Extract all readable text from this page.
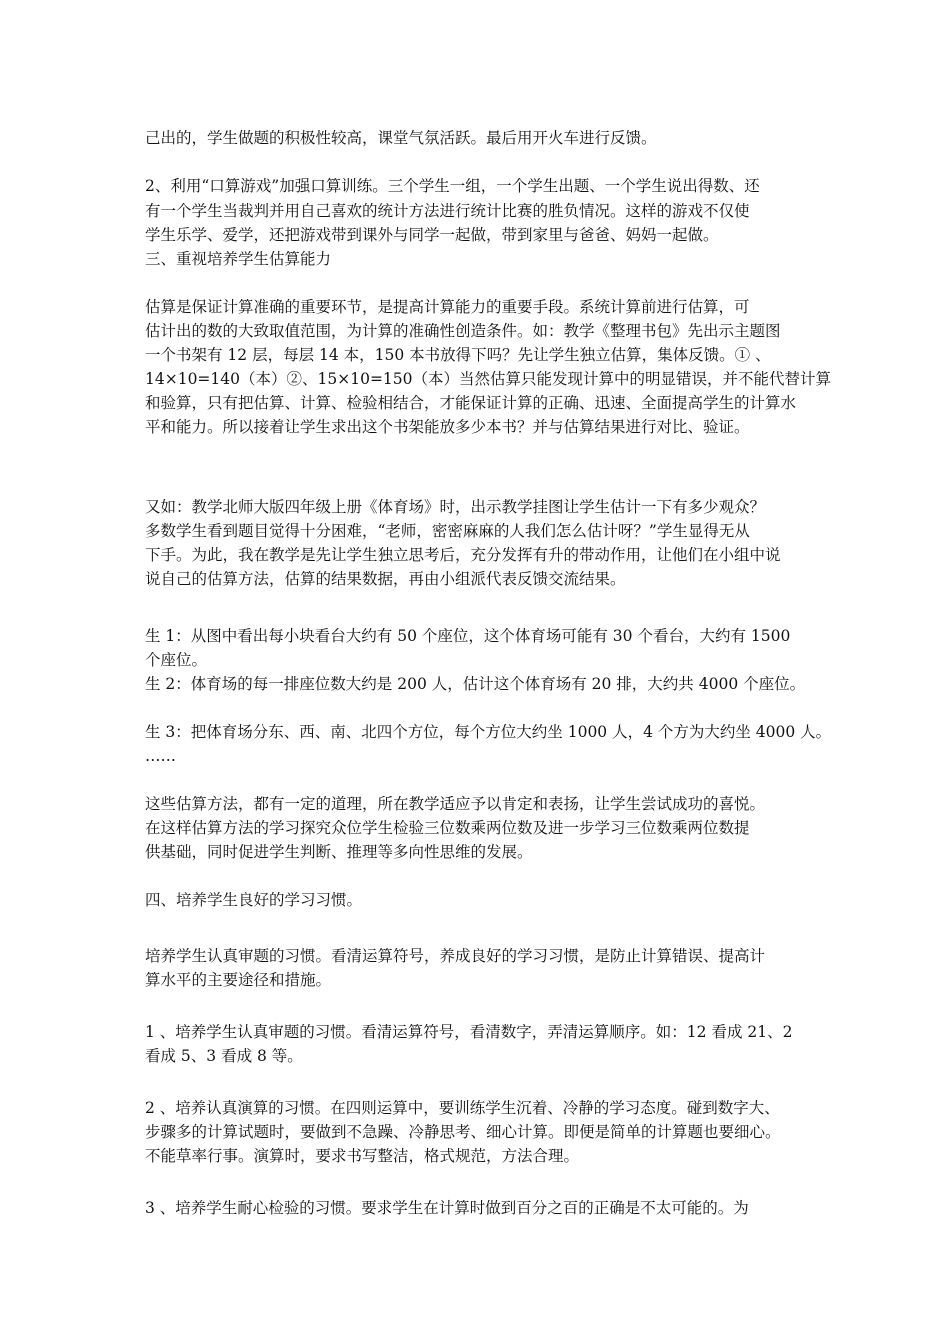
己出的，学生做题的积极性较高，课堂气氛活跃。最后用开火车进行反馈。
2、利用“口算游戏”加强口算训练。三个学生一组，一个学生出题、一个学生说出得数、还
有一个学生当裁判并用自己喜欢的统计方法进行统计比赛的胜负情况。这样的游戏不仅使
学生乐学、爱学，还把游戏带到课外与同学一起做，带到家里与爸爸、妈妈一起做。
三、重视培养学生估算能力
估算是保证计算准确的重要环节，是提高计算能力的重要手段。系统计算前进行估算，可
估计出的数的大致取值范围，为计算的准确性创造条件。如：教学《整理书包》先出示主题图
一个书架有 12 层，每层 14 本，150 本书放得下吗？先让学生独立估算，集体反馈。① 、
14×10=140（本）②、15×10=150（本）当然估算只能发现计算中的明显错误，并不能代替计算
和验算，只有把估算、计算、检验相结合，才能保证计算的正确、迅速、全面提高学生的计算水
平和能力。所以接着让学生求出这个书架能放多少本书？并与估算结果进行对比、验证。
又如：教学北师大版四年级上册《体育场》时，出示教学挂图让学生估计一下有多少观众？
多数学生看到题目觉得十分困难，“老师，密密麻麻的人我们怎么估计呀？”学生显得无从
下手。为此，我在教学是先让学生独立思考后，充分发挥有升的带动作用，让他们在小组中说
说自己的估算方法，估算的结果数据，再由小组派代表反馈交流结果。
生 1：从图中看出每小块看台大约有 50 个座位，这个体育场可能有 30 个看台，大约有 1500
个座位。
生 2：体育场的每一排座位数大约是 200 人，估计这个体育场有 20 排，大约共 4000 个座位。
生 3：把体育场分东、西、南、北四个方位，每个方位大约坐 1000 人，4 个方为大约坐 4000 人。
……
这些估算方法，都有一定的道理，所在教学适应予以肯定和表扬，让学生尝试成功的喜悦。
在这样估算方法的学习探究众位学生检验三位数乘两位数及进一步学习三位数乘两位数提
供基础，同时促进学生判断、推理等多向性思维的发展。
四、培养学生良好的学习习惯。
培养学生认真审题的习惯。看清运算符号，养成良好的学习习惯，是防止计算错误、提高计
算水平的主要途径和措施。
1 、培养学生认真审题的习惯。看清运算符号，看清数字，弄清运算顺序。如：12 看成 21、2
看成 5、3 看成 8 等。
2 、培养认真演算的习惯。在四则运算中，要训练学生沉着、冷静的学习态度。碰到数字大、
步骤多的计算试题时，要做到不急躁、冷静思考、细心计算。即便是简单的计算题也要细心。
不能草率行事。演算时，要求书写整洁，格式规范，方法合理。
3 、培养学生耐心检验的习惯。要求学生在计算时做到百分之百的正确是不太可能的。为
